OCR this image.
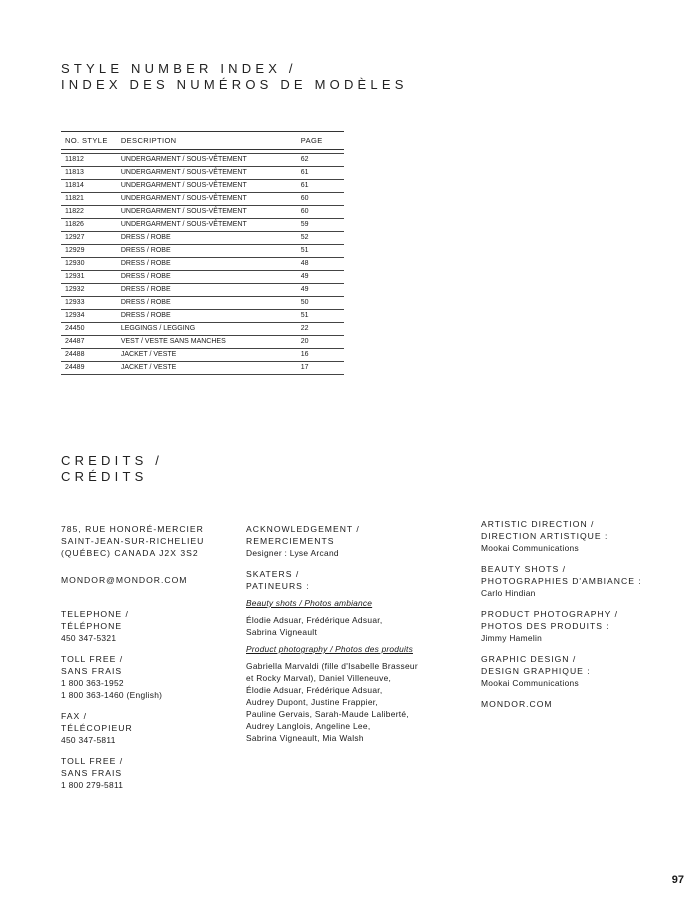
STYLE NUMBER INDEX /
INDEX DES NUMÉROS DE MODÈLES
NO. STYLE	DESCRIPTION	PAGE

11812	UNDERGARMENT / SOUS-VÊTEMENT	62
11813	UNDERGARMENT / SOUS-VÊTEMENT	61
11814	UNDERGARMENT / SOUS-VÊTEMENT	61
11821	UNDERGARMENT / SOUS-VÊTEMENT	60
11822	UNDERGARMENT / SOUS-VÊTEMENT	60
11826	UNDERGARMENT / SOUS-VÊTEMENT	59
12927	DRESS / ROBE	52
12929	DRESS / ROBE	51
12930	DRESS / ROBE	48
12931	DRESS / ROBE	49
12932	DRESS / ROBE	49
12933	DRESS / ROBE	50
12934	DRESS / ROBE	51
24450	LEGGINGS / LEGGING	22
24487	VEST / VESTE SANS MANCHES	20
24488	JACKET / VESTE	16
24489	JACKET / VESTE	17
CREDITS /
CRÉDITS
785, RUE HONORÉ-MERCIER
SAINT-JEAN-SUR-RICHELIEU
(QUÉBEC) CANADA J2X 3S2
MONDOR@MONDOR.COM
TELEPHONE /
TÉLÉPHONE
450 347-5321
TOLL FREE /
SANS FRAIS
1 800 363-1952
1 800 363-1460 (English)
FAX /
TÉLÉCOPIEUR
450 347-5811
TOLL FREE /
SANS FRAIS
1 800 279-5811
ACKNOWLEDGEMENT /
REMERCIEMENTS
Designer : Lyse Arcand
SKATERS /
PATINEURS :
Beauty shots / Photos ambiance
Élodie Adsuar, Frédérique Adsuar,
Sabrina Vigneault
Product photography / Photos des produits
Gabriella Marvaldi (fille d'Isabelle Brasseur
et Rocky Marval), Daniel Villeneuve,
Élodie Adsuar, Frédérique Adsuar,
Audrey Dupont, Justine Frappier,
Pauline Gervais, Sarah-Maude Laliberté,
Audrey Langlois, Angeline Lee,
Sabrina Vigneault, Mia Walsh
ARTISTIC DIRECTION /
DIRECTION ARTISTIQUE :
Mookai Communications
BEAUTY SHOTS /
PHOTOGRAPHIES D'AMBIANCE :
Carlo Hindian
PRODUCT PHOTOGRAPHY /
PHOTOS DES PRODUITS :
Jimmy Hamelin
GRAPHIC DESIGN /
DESIGN GRAPHIQUE :
Mookai Communications
MONDOR.COM
97
